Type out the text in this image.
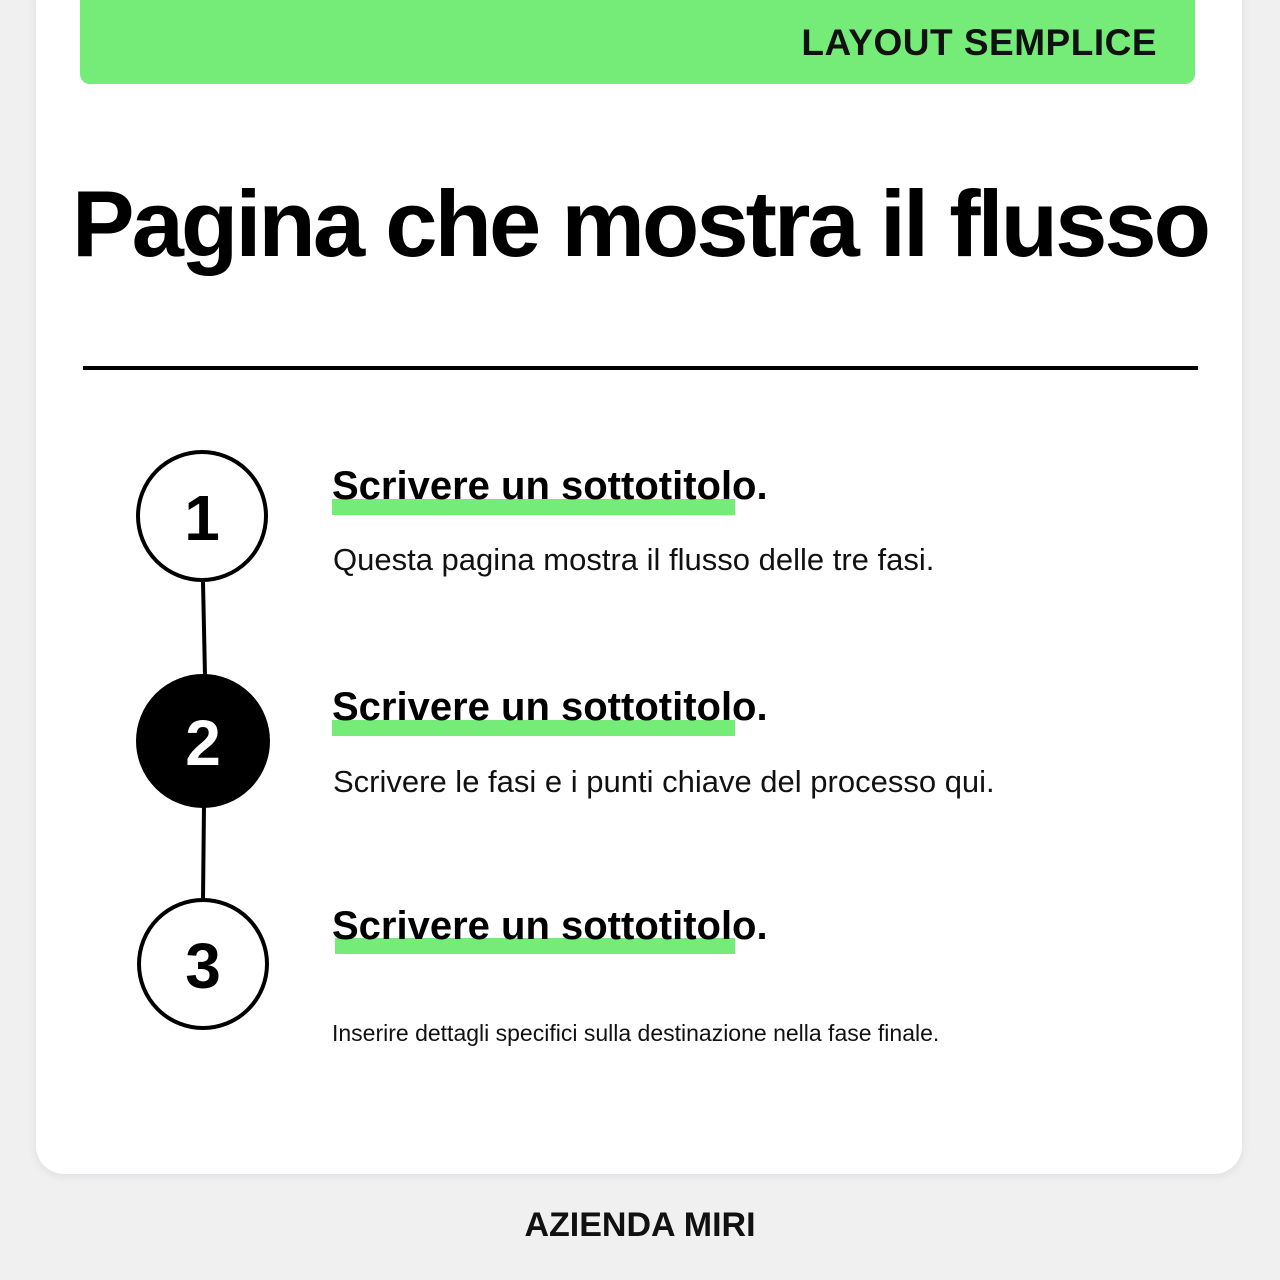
LAYOUT SEMPLICE
Pagina che mostra il flusso
1
2
3
Scrivere un sottotitolo.
Questa pagina mostra il flusso delle tre fasi.
Scrivere un sottotitolo.
Scrivere le fasi e i punti chiave del processo qui.
Scrivere un sottotitolo.
Inserire dettagli specifici sulla destinazione nella fase finale.
AZIENDA MIRI
